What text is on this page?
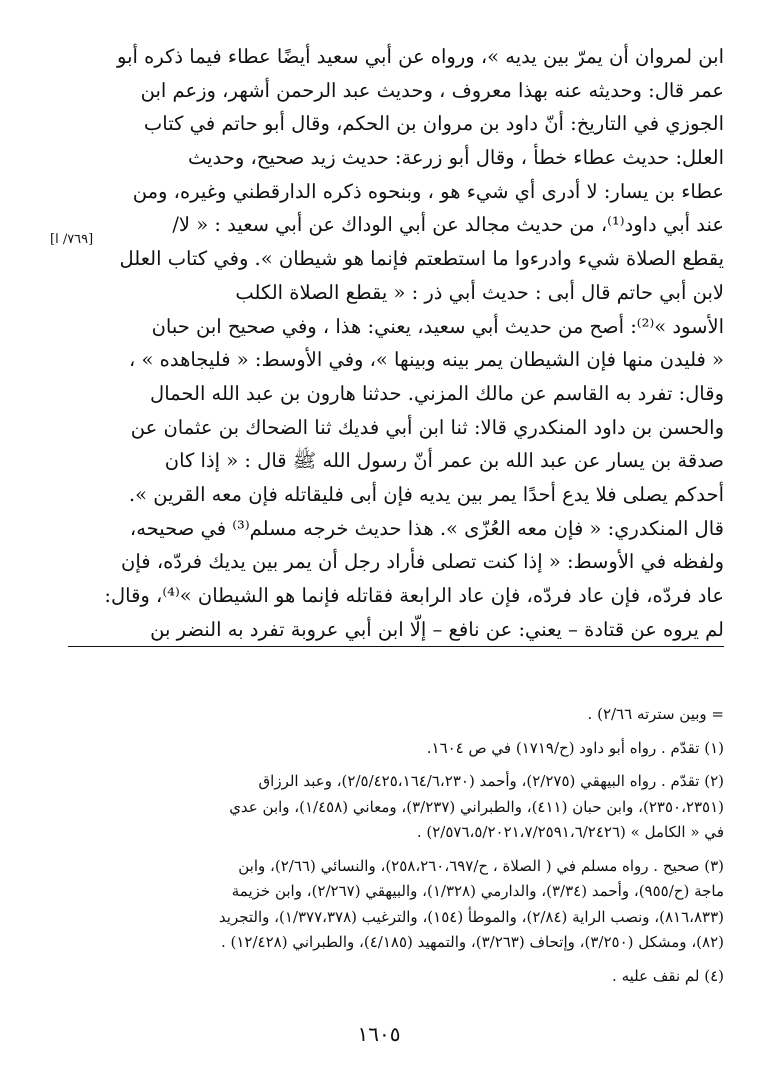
ابن لمروان أن يمرّ بين يديه »، ورواه عن أبي سعيد أيضًا عطاء فيما ذكره أبو
عمر قال: وحديثه عنه بهذا معروف ، وحديث عبد الرحمن أشهر، وزعم ابن
الجوزي في التاريخ: أنّ داود بن مروان بن الحكم، وقال أبو حاتم في كتاب
العلل: حديث عطاء خطأ ، وقال أبو زرعة: حديث زيد صحيح، وحديث
عطاء بن يسار: لا أدرى أي شيء هو ، وبنحوه ذكره الدارقطني وغيره، ومن
عند أبي داود⁽¹⁾، من حديث مجالد عن أبي الوداك عن أبي سعيد : « لا/
يقطع الصلاة شيء وادرءوا ما استطعتم فإنما هو شيطان ». وفي كتاب العلل
لابن أبي حاتم قال أبى : حديث أبي ذر : « يقطع الصلاة الكلب
الأسود »⁽²⁾: أصح من حديث أبي سعيد، يعني: هذا ، وفي صحيح ابن حبان
« فليدن منها فإن الشيطان يمر بينه وبينها »، وفي الأوسط: « فليجاهده » ،
وقال: تفرد به القاسم عن مالك المزني. حدثنا هارون بن عبد الله الحمال
والحسن بن داود المنكدري قالا: ثنا ابن أبي فديك ثنا الضحاك بن عثمان عن
صدقة بن يسار عن عبد الله بن عمر أنّ رسول الله ﷺ قال : « إذا كان
أحدكم يصلى فلا يدع أحدًا يمر بين يديه فإن أبى فليقاتله فإن معه القرين ».
قال المنكدري: « فإن معه العُزّى ». هذا حديث خرجه مسلم⁽³⁾ في صحيحه،
ولفظه في الأوسط: « إذا كنت تصلى فأراد رجل أن يمر بين يديك فردّه، فإن
عاد فردّه، فإن عاد فردّه، فإن عاد الرابعة فقاتله فإنما هو الشيطان »⁽⁴⁾، وقال:
لم يروه عن قتادة – يعني: عن نافع – إلّا ابن أبي عروبة تفرد به النضر بن
[٧٦٩/ ا]
= وبين سترته ٢/٦٦) .
(١) تقدّم . رواه أبو داود (ح/١٧١٩) في ص ١٦٠٤.
(٢) تقدّم . رواه البيهقي (٢/٢٧٥)، وأحمد (٢/٥/٤٢٥،١٦٤/٦،٢٣٠)، وعبد الرزاق
(٢٣٥٠،٢٣٥١)، وابن حبان (٤١١)، والطبراني (٣/٢٣٧)، ومعاني (١/٤٥٨)، وابن عدي
في « الكامل » (٢/٥٧٦،٥/٢٠٢١،٧/٢٥٩١،٦/٢٤٢٦) .
(٣) صحيح . رواه مسلم في ( الصلاة ، ح/٢٥٨،٢٦٠،٦٩٧)، والنسائي (٢/٦٦)، وابن
ماجة (ح/٩٥٥)، وأحمد (٣/٣٤)، والدارمي (١/٣٢٨)، والبيهقي (٢/٢٦٧)، وابن خزيمة
(٨١٦،٨٣٣)، ونصب الراية (٢/٨٤)، والموطأ (١٥٤)، والترغيب (١/٣٧٧،٣٧٨)، والتجريد
(٨٢)، ومشكل (٣/٢٥٠)، وإتحاف (٣/٢٦٣)، والتمهيد (٤/١٨٥)، والطبراني (١٢/٤٢٨) .
(٤) لم نقف عليه .
١٦٠٥
